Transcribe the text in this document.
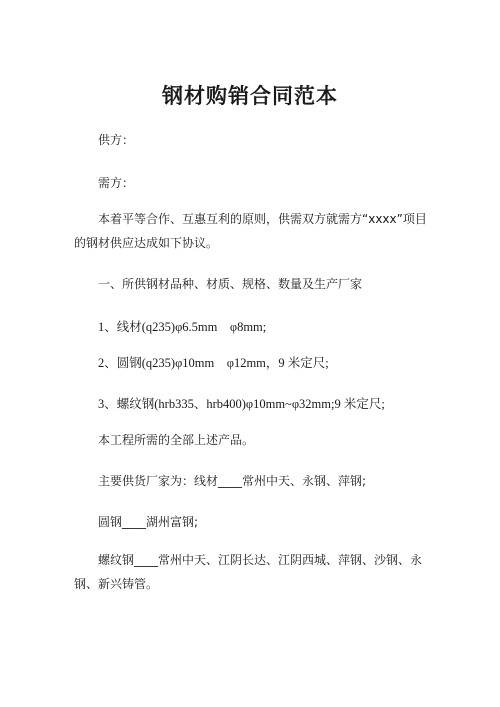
钢材购销合同范本
供方：
需方：
本着平等合作、互惠互利的原则，供需双方就需方“xxxx”项目的钢材供应达成如下协议。
一、所供钢材品种、材质、规格、数量及生产厂家
1、线材(q235)φ6.5mm　φ8mm;
2、圆钢(q235)φ10mm　φ12mm，9 米定尺;
3、螺纹钢(hrb335、hrb400)φ10mm~φ32mm;9 米定尺;
本工程所需的全部上述产品。
主要供货厂家为：线材____常州中天、永钢、萍钢;
圆钢____湖州富钢;
螺纹钢____常州中天、江阴长达、江阴西城、萍钢、沙钢、永钢、新兴铸管。
